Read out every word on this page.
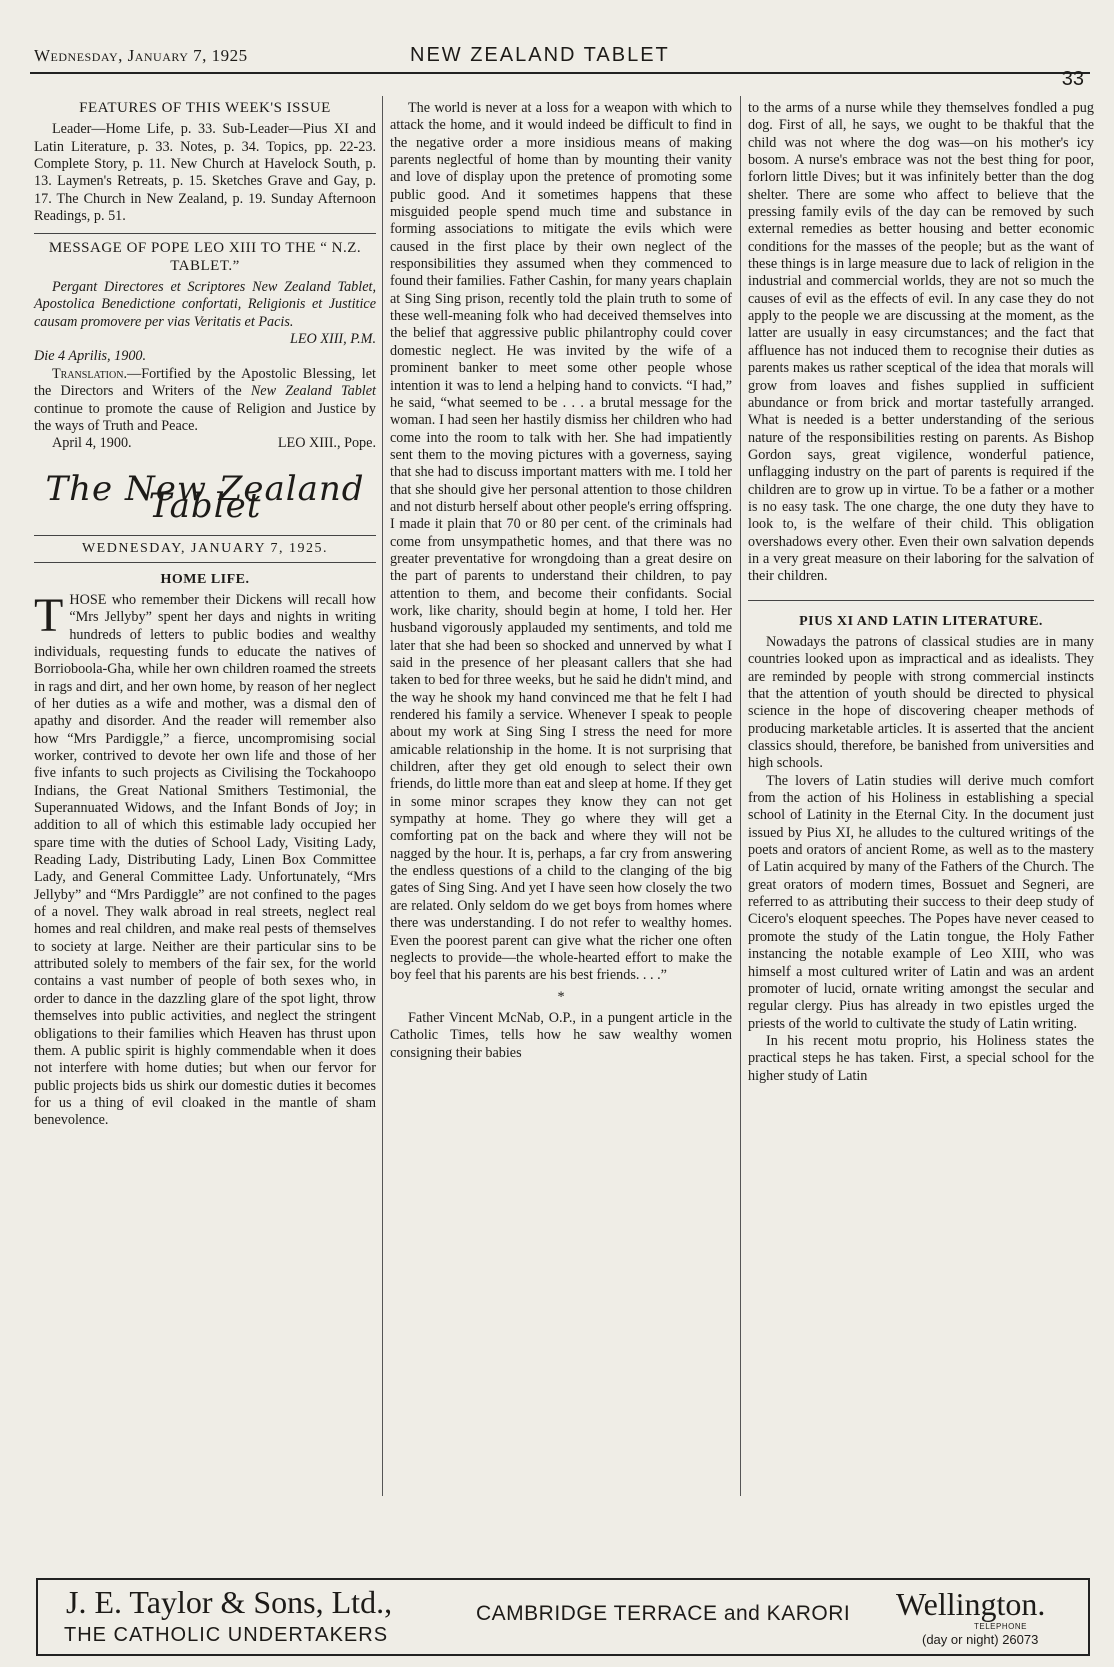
Wednesday, January 7, 1925	NEW ZEALAND TABLET
33
FEATURES OF THIS WEEK'S ISSUE

Leader—Home Life, p. 33. Sub-Leader—Pius XI and Latin Literature, p. 33. Notes, p. 34. Topics, pp. 22-23. Complete Story, p. 11. New Church at Havelock South, p. 13. Laymen's Retreats, p. 15. Sketches Grave and Gay, p. 17. The Church in New Zealand, p. 19. Sunday Afternoon Readings, p. 51.

MESSAGE OF POPE LEO XIII TO THE “ N.Z. TABLET.”

Pergant Directores et Scriptores New Zealand Tablet, Apostolica Benedictione confortati, Religionis et Justitice causam promovere per vias Veritatis et Pacis.

LEO XIII, P.M.
Die 4 Aprilis, 1900.

Translation.—Fortified by the Apostolic Blessing, let the Directors and Writers of the New Zealand Tablet continue to promote the cause of Religion and Justice by the ways of Truth and Peace.

April 4, 1900.	LEO XIII., Pope.
The New Zealand Tablet
WEDNESDAY, JANUARY 7, 1925.
HOME LIFE.

THOSE who remember their Dickens will recall how “Mrs Jellyby” spent her days and nights in writing hundreds of letters to public bodies and wealthy individuals, requesting funds to educate the natives of Borrioboola-Gha, while her own children roamed the streets in rags and dirt, and her own home, by reason of her neglect of her duties as a wife and mother, was a dismal den of apathy and disorder. And the reader will remember also how “Mrs Pardiggle,” a fierce, uncompromising social worker, contrived to devote her own life and those of her five infants to such projects as Civilising the Tockahoopo Indians, the Great National Smithers Testimonial, the Superannuated Widows, and the Infant Bonds of Joy; in addition to all of which this estimable lady occupied her spare time with the duties of School Lady, Visiting Lady, Reading Lady, Distributing Lady, Linen Box Committee Lady, and General Committee Lady. Unfortunately, “Mrs Jellyby” and “Mrs Pardiggle” are not confined to the pages of a novel. They walk abroad in real streets, neglect real homes and real children, and make real pests of themselves to society at large. Neither are their particular sins to be attributed solely to members of the fair sex, for the world contains a vast number of people of both sexes who, in order to dance in the dazzling glare of the spot light, throw themselves into public activities, and neglect the stringent obligations to their families which Heaven has thrust upon them. A public spirit is highly commendable when it does not interfere with home duties; but when our fervor for public projects bids us shirk our domestic duties it becomes for us a thing of evil cloaked in the mantle of sham benevolence.

The world is never at a loss for a weapon with which to attack the home, and it would indeed be difficult to find in the negative order a more insidious means of making parents neglectful of home than by mounting their vanity and love of display upon the pretence of promoting some public good. And it sometimes happens that these misguided people spend much time and substance in forming associations to mitigate the evils which were caused in the first place by their own neglect of the responsibilities they assumed when they commenced to found their families. Father Cashin, for many years chaplain at Sing Sing prison, recently told the plain truth to some of these well-meaning folk who had deceived themselves into the belief that aggressive public philantrophy could cover domestic neglect. He was invited by the wife of a prominent banker to meet some other people whose intention it was to lend a helping hand to convicts. “I had,” he said, “what seemed to be . . . a brutal message for the woman. I had seen her hastily dismiss her children who had come into the room to talk with her. She had impatiently sent them to the moving pictures with a governess, saying that she had to discuss important matters with me. I told her that she should give her personal attention to those children and not disturb herself about other people's erring offspring. I made it plain that 70 or 80 per cent. of the criminals had come from unsympathetic homes, and that there was no greater preventative for wrongdoing than a great desire on the part of parents to understand their children, to pay attention to them, and become their confidants. Social work, like charity, should begin at home, I told her. Her husband vigorously applauded my sentiments, and told me later that she had been so shocked and unnerved by what I said in the presence of her pleasant callers that she had taken to bed for three weeks, but he said he didn't mind, and the way he shook my hand convinced me that he felt I had rendered his family a service. Whenever I speak to people about my work at Sing Sing I stress the need for more amicable relationship in the home. It is not surprising that children, after they get old enough to select their own friends, do little more than eat and sleep at home. If they get in some minor scrapes they know they can not get sympathy at home. They go where they will get a comforting pat on the back and where they will not be nagged by the hour. It is, perhaps, a far cry from answering the endless questions of a child to the clanging of the big gates of Sing Sing. And yet I have seen how closely the two are related. Only seldom do we get boys from homes where there was understanding. I do not refer to wealthy homes. Even the poorest parent can give what the richer one often neglects to provide—the whole-hearted effort to make the boy feel that his parents are his best friends. . . .”

*

Father Vincent McNab, O.P., in a pungent article in the Catholic Times, tells how he saw wealthy women consigning their babies

to the arms of a nurse while they themselves fondled a pug dog. First of all, he says, we ought to be thakful that the child was not where the dog was—on his mother's icy bosom. A nurse's embrace was not the best thing for poor, forlorn little Dives; but it was infinitely better than the dog shelter. There are some who affect to believe that the pressing family evils of the day can be removed by such external remedies as better housing and better economic conditions for the masses of the people; but as the want of these things is in large measure due to lack of religion in the industrial and commercial worlds, they are not so much the causes of evil as the effects of evil. In any case they do not apply to the people we are discussing at the moment, as the latter are usually in easy circumstances; and the fact that affluence has not induced them to recognise their duties as parents makes us rather sceptical of the idea that morals will grow from loaves and fishes supplied in sufficient abundance or from brick and mortar tastefully arranged. What is needed is a better understanding of the serious nature of the responsibilities resting on parents. As Bishop Gordon says, great vigilence, wonderful patience, unflagging industry on the part of parents is required if the children are to grow up in virtue. To be a father or a mother is no easy task. The one charge, the one duty they have to look to, is the welfare of their child. This obligation overshadows every other. Even their own salvation depends in a very great measure on their laboring for the salvation of their children.

PIUS XI AND LATIN LITERATURE.

Nowadays the patrons of classical studies are in many countries looked upon as impractical and as idealists. They are reminded by people with strong commercial instincts that the attention of youth should be directed to physical science in the hope of discovering cheaper methods of producing marketable articles. It is asserted that the ancient classics should, therefore, be banished from universities and high schools.

The lovers of Latin studies will derive much comfort from the action of his Holiness in establishing a special school of Latinity in the Eternal City. In the document just issued by Pius XI, he alludes to the cultured writings of the poets and orators of ancient Rome, as well as to the mastery of Latin acquired by many of the Fathers of the Church. The great orators of modern times, Bossuet and Segneri, are referred to as attributing their success to their deep study of Cicero's eloquent speeches. The Popes have never ceased to promote the study of the Latin tongue, the Holy Father instancing the notable example of Leo XIII, who was himself a most cultured writer of Latin and was an ardent promoter of lucid, ornate writing amongst the secular and regular clergy. Pius has already in two epistles urged the priests of the world to cultivate the study of Latin writing.

In his recent motu proprio, his Holiness states the practical steps he has taken. First, a special school for the higher study of Latin

J. E. Taylor & Sons, Ltd.,
THE CATHOLIC UNDERTAKERS
CAMBRIDGE TERRACE and KARORI Wellington.
TELEPHONE
(day or night) 26073
